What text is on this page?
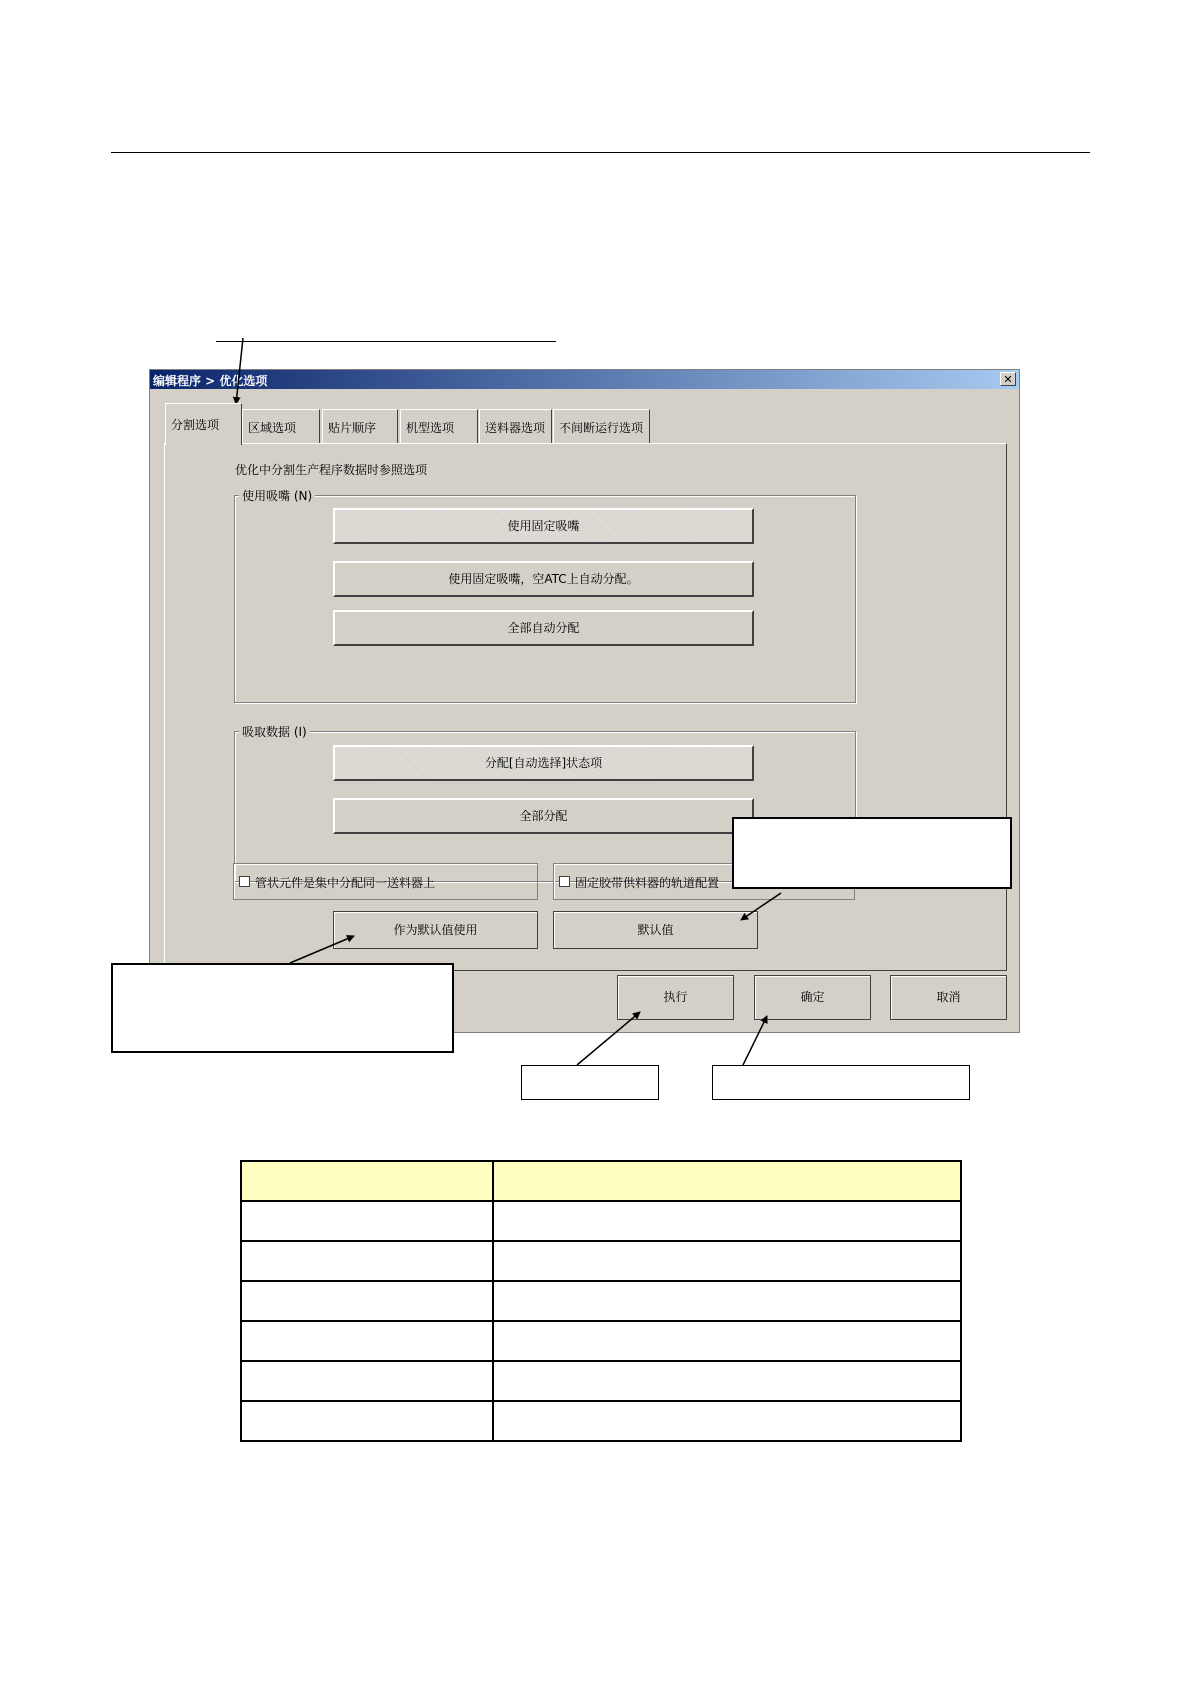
编辑程序 > 优化选项	✕
分割选项	区域选项	贴片顺序	机型选项	送料器选项	不间断运行选项
优化中分割生产程序数据时参照选项
使用吸嘴 (N)
使用固定吸嘴
使用固定吸嘴，空ATC上自动分配。
全部自动分配
吸取数据 (I)
分配[自动选择]状态项
全部分配
管状元件是集中分配同一送料器上	固定胶带供料器的轨道配置
作为默认值使用	默认值
执行	确定	取消
